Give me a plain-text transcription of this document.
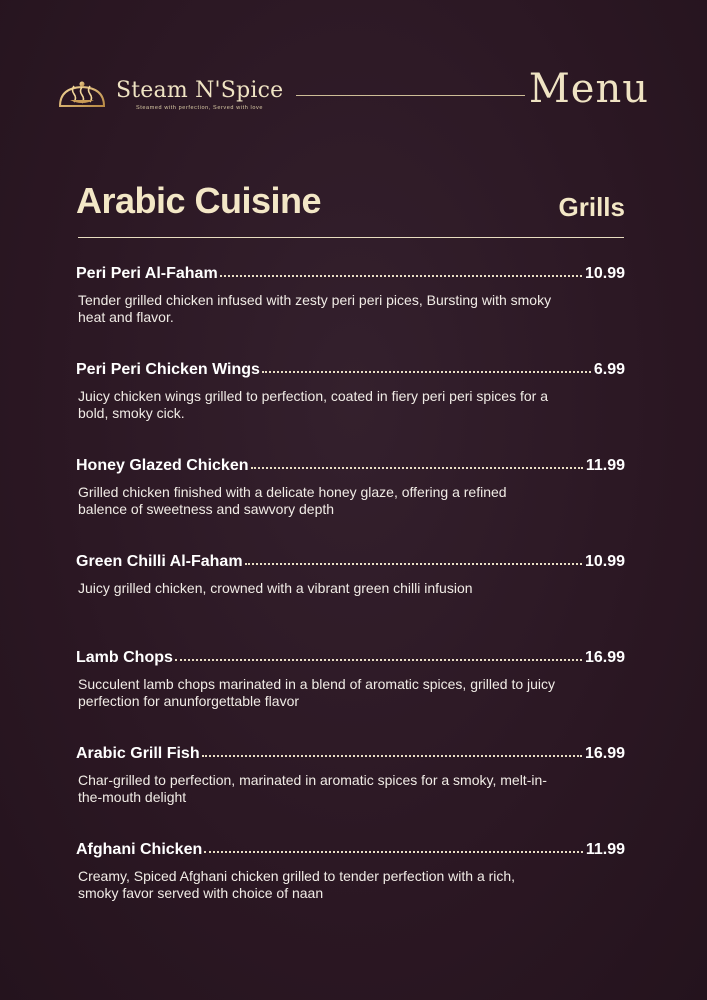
Steam N'Spice
Steamed with perfection, Served with love	Menu
Arabic Cuisine	Grills
Peri Peri Al-Faham	10.99
Tender grilled chicken infused with zesty peri peri pices, Bursting with smoky heat and flavor.
Peri Peri Chicken Wings	6.99
Juicy chicken wings grilled to perfection, coated in fiery peri peri spices for a bold, smoky cick.
Honey Glazed Chicken	11.99
Grilled chicken finished with a delicate honey glaze, offering a refined balence of sweetness and sawvory depth
Green Chilli Al-Faham	10.99
Juicy grilled chicken, crowned with a vibrant green chilli infusion
Lamb Chops	16.99
Succulent lamb chops marinated in a blend of aromatic spices, grilled to juicy perfection for anunforgettable flavor
Arabic Grill Fish	16.99
Char-grilled to perfection, marinated in aromatic spices for a smoky, melt-in-the-mouth delight
Afghani Chicken	11.99
Creamy, Spiced Afghani chicken grilled to tender perfection with a rich, smoky favor served with choice of naan
